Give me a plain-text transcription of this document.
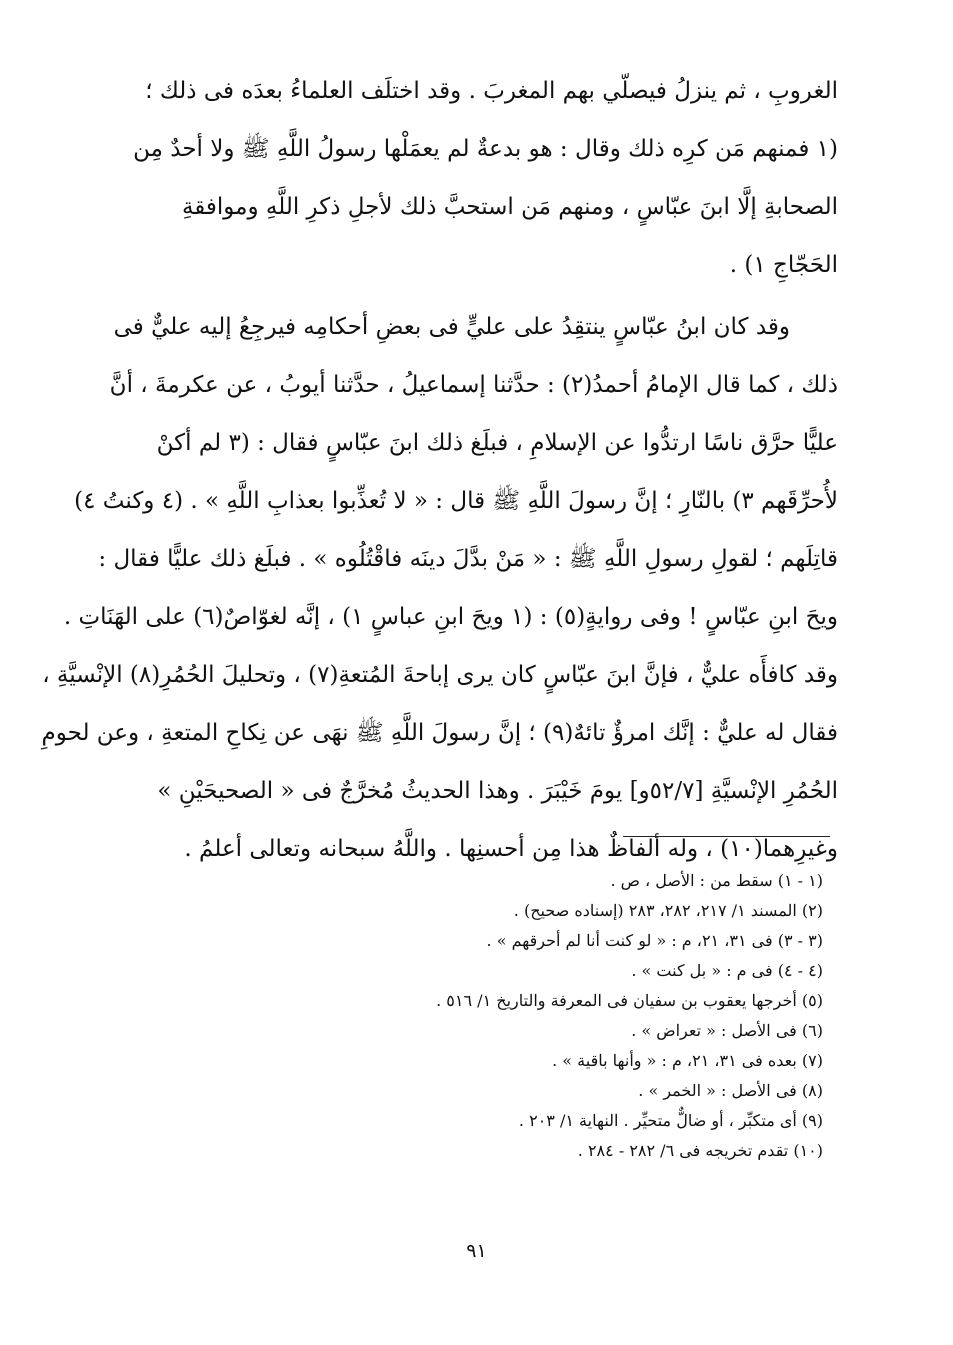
الغروبِ ، ثم ينزلُ فيصلّي بهم المغربَ . وقد اختلَف العلماءُ بعدَه فى ذلك ؛
(١ فمنهم مَن كرِه ذلك وقال : هو بدعةٌ لم يعمَلْها رسولُ اللَّهِ ﷺ ولا أحدٌ مِن
الصحابةِ إلَّا ابنَ عبّاسٍ ، ومنهم مَن استحبَّ ذلك لأجلِ ذكرِ اللَّهِ وموافقةِ
الحَجّاجِ ١) .
وقد كان ابنُ عبّاسٍ ينتقِدُ على عليٍّ فى بعضِ أحكامِه فيرجِعُ إليه عليٌّ فى
ذلك ، كما قال الإمامُ أحمدُ(٢) : حدَّثنا إسماعيلُ ، حدَّثنا أيوبُ ، عن عكرمةَ ، أنَّ
عليًّا حرَّق ناسًا ارتدُّوا عن الإسلامِ ، فبلَغ ذلك ابنَ عبّاسٍ فقال : (٣ لم أكنْ
لأُحرِّقَهم ٣) بالنّارِ ؛ إنَّ رسولَ اللَّهِ ﷺ قال : « لا تُعذِّبوا بعذابِ اللَّهِ » . (٤ وكنتُ ٤)
قاتِلَهم ؛ لقولِ رسولِ اللَّهِ ﷺ : « مَنْ بدَّلَ دينَه فاقْتُلُوه » . فبلَغ ذلك عليًّا فقال :
ويحَ ابنِ عبّاسٍ ! وفى روايةٍ(٥) : (١ ويحَ ابنِ عباسٍ ١) ، إنَّه لغوّاصٌ(٦) على الهَنَاتِ .
وقد كافأَه عليٌّ ، فإنَّ ابنَ عبّاسٍ كان يرى إباحةَ المُتعةِ(٧) ، وتحليلَ الحُمُرِ(٨) الإنْسيَّةِ ،
فقال له عليٌّ : إنَّك امرؤٌ تائهٌ(٩) ؛ إنَّ رسولَ اللَّهِ ﷺ نهَى عن نِكاحِ المتعةِ ، وعن لحومِ
الحُمُرِ الإنْسيَّةِ [٥٢/٧و] يومَ خَيْبَرَ . وهذا الحديثُ مُخرَّجٌ فى « الصحيحَيْنِ »
وغيرِهما(١٠) ، وله ألفاظٌ هذا مِن أحسنِها . واللَّهُ سبحانه وتعالى أعلمُ .
(١ - ١) سقط من : الأصل ، ص .
(٢) المسند ١/ ٢١٧، ٢٨٢، ٢٨٣ (إسناده صحيح) .
(٣ - ٣) فى ٣١، ٢١، م : « لو كنت أنا لم أحرقهم » .
(٤ - ٤) فى م : « بل كنت » .
(٥) أخرجها يعقوب بن سفيان فى المعرفة والتاريخ ١/ ٥١٦ .
(٦) فى الأصل : « تعراض » .
(٧) بعده فى ٣١، ٢١، م : « وأنها باقية » .
(٨) فى الأصل : « الخمر » .
(٩) أى متكبِّر ، أو ضالٌّ متحيِّر . النهاية ١/ ٢٠٣ .
(١٠) تقدم تخريجه فى ٦/ ٢٨٢ - ٢٨٤ .
٩١
